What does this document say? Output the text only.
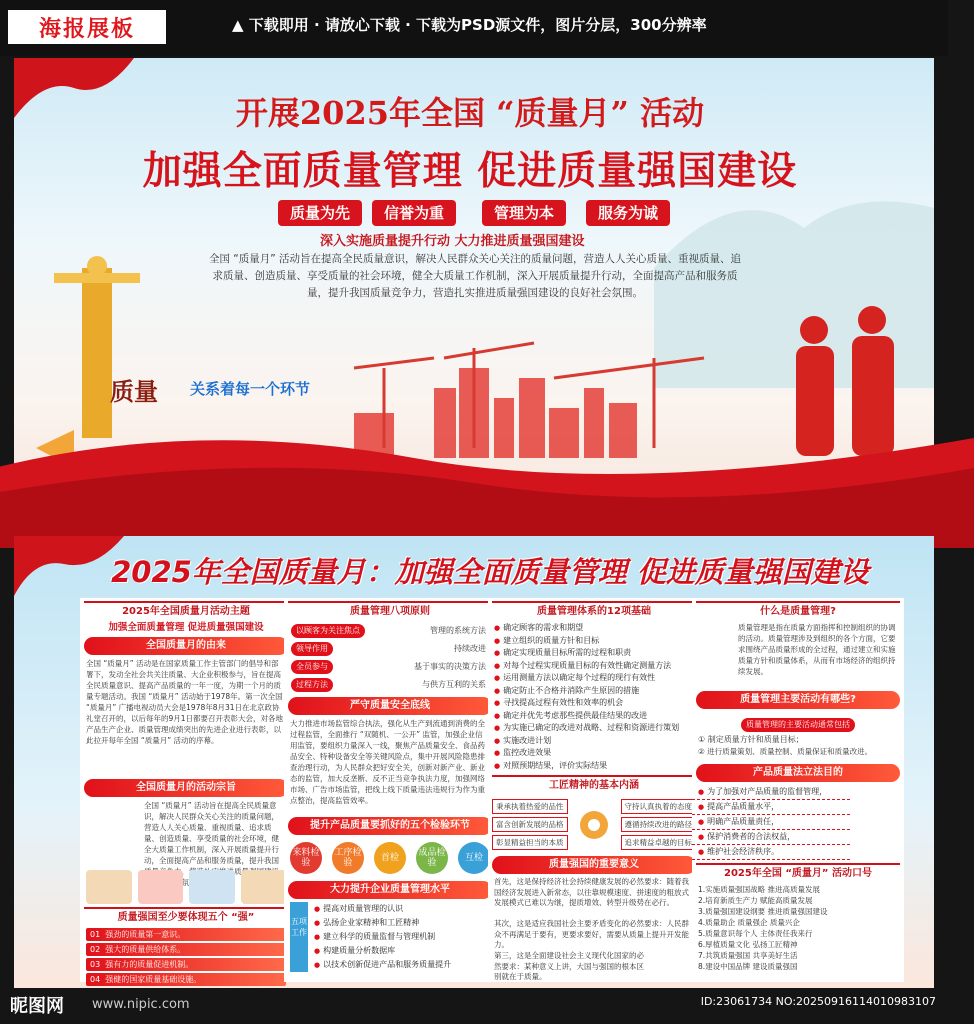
海报展板	▲ 下载即用 · 请放心下载 · 下载为PSD源文件，图片分层，300分辨率
开展2025年全国 “质量月” 活动
加强全面质量管理 促进质量强国建设
质量为先	信誉为重	管理为本	服务为诚
深入实施质量提升行动 大力推进质量强国建设
全国 “质量月” 活动旨在提高全民质量意识，解决人民群众关心关注的质量问题，营造人人关心质量、重视质量、追求质量、创造质量、享受质量的社会环境，健全大质量工作机制，深入开展质量提升行动，全面提高产品和服务质量，提升我国质量竞争力，营造扎实推进质量强国建设的良好社会氛围。
质量 关系着每一个环节
2025年全国质量月：加强全面质量管理 促进质量强国建设
2025年全国质量月活动主题
加强全面质量管理 促进质量强国建设
全国质量月的由来
全国 “质量月” 活动是在国家质量工作主管部门的倡导和部署下，发动全社会共关注质量、大企业积极参与，旨在提高全民质量意识、提高产品质量的一年一度，为期一个月的质量专题活动。我国 “质量月” 活动始于1978年。第一次全国 “质量月” 广播电视动员大会是1978年8月31日在北京政协礼堂召开的，以后每年的9月1日都要召开表彰大会，对各地产品生产企业、质量管理成绩突出的先进企业进行表彰，以此拉开每年全国 “质量月” 活动的序幕。
全国质量月的活动宗旨
全国 “质量月” 活动旨在提高全民质量意识，解决人民群众关心关注的质量问题，营造人人关心质量、重视质量、追求质量、创造质量、享受质量的社会环境，健全大质量工作机制，深入开展质量提升行动，全面提高产品和服务质量，提升我国 ， 质 氛
质量强国至少要体现五个 “强”
01  强劲的质量第一意识。
02  强大的质量供给体系。
03  强有力的质量促进机制。
04  强健的国家质量基础设施。
质量管理八项原则
以顾客为关注焦点	管理的系统方法
领导作用	持续改进
全员参与	基于事实的决策方法
过程方法	与供方互利的关系
严守质量安全底线
大力推进市场监管综合执法，强化从生产到流通到消费的全过程监管，全面推行 “双随机、一公开” 监管，加强企业信用监管，要组织力量深入一线，聚焦产品质量安全、食品药品安全、特种设备安全等关键风险点，集中开展风险隐患排查治理行动，为人民群众把好安全关，创新对新产业、新业态的监管，加大反垄断、反不正当竞争执法力度，加强网络市场、广告市场监管，把线上线下质量违法违规行为作为重点整治，提高监管效率。
提升产品质量要抓好的五个检验环节
来料检验
工序检验	首检	成品检验	互检
大力提升企业质量管理水平
五项工作
● 提高对质量管理的认识
● 弘扬企业家精神和工匠精神
● 建立科学的质量监督与管理机制
● 构建质量分析数据库
● 以技术创新促进产品和服务质量提升
质量管理体系的12项基础
● 确定顾客的需求和期望
● 建立组织的质量方针和目标
● 确定实现质量目标所需的过程和职责
● 对每个过程实现质量目标的有效性确定测量方法
● 运用测量方法以确定每个过程的现行有效性
● 确定防止不合格并消除产生原因的措施
● 寻找提高过程有效性和效率的机会
● 确定并优先考虑那些提供最佳结果的改进
● 为实施已确定的改进对战略、过程和资源进行策划
● 实施改进计划
● 监控改进效果
● 对照预期结果，评价实际结果
工匠精神的基本内涵
秉承执着热爱的品性
富含创新发展的品格
彰显精益担当的本质
守持认真执着的态度
遵循持续改进的路径
追求精益卓越的目标
质量强国的重要意义
首先，这是保持经济社会持续健康发展的必然要求：随着我国经济发展进入新常态，以往靠规模速度、拼速度的粗放式发展模式已难以为继，提质增效、转型升级势在必行。
其次，这是适应我国社会主要矛盾变化的必然要求：人民群众不再满足于要有，更要求要好，需要从质量上提升开发能力。
第三，这是全面建设社会主义现代化国家的必然要求：某种意义上讲，大国与强国的根本区别就在于质量。
什么是质量管理?
质量管理是指在质量方面指挥和控制组织的协调的活动。质量管理涉及到组织的各个方面，它要求围绕产品质量形成的全过程，通过建立和实施质量方针和质量体系，从而有市场经济的组织持续发展。
质量管理主要活动有哪些?
质量管理的主要活动通常包括
① 制定质量方针和质量目标；
② 进行质量策划、质量控制、质量保证和质量改进。
产品质量法立法目的
● 为了加强对产品质量的监督管理，
● 提高产品质量水平，
● 明确产品质量责任，
● 保护消费者的合法权益，
● 维护社会经济秩序。
2025年全国 “质量月” 活动口号
1.实施质量强国战略 推进高质量发展
2.培育新质生产力 赋能高质量发展
3.质量强国建设纲要 推进质量强国建设
4.质量助企 质量强企 质量兴企
5.质量意识每个人 主体责任我来行
6.厚植质量文化 弘扬工匠精神
7.共筑质量强国 共享美好生活
8.建设中国品牌 建设质量强国
昵图网 www.nipic.com	ID:23061734 NO:20250916114010983107
